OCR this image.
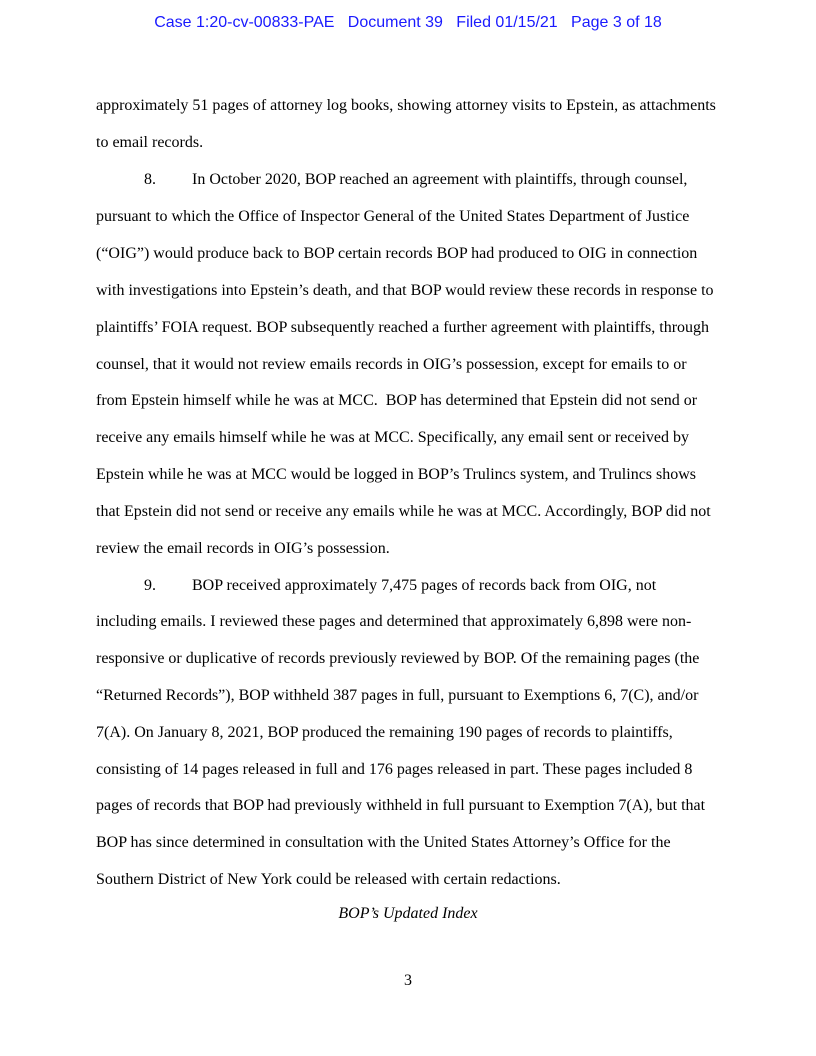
Case 1:20-cv-00833-PAE Document 39 Filed 01/15/21 Page 3 of 18
approximately 51 pages of attorney log books, showing attorney visits to Epstein, as attachments
to email records.
8. In October 2020, BOP reached an agreement with plaintiffs, through counsel,
pursuant to which the Office of Inspector General of the United States Department of Justice
(“OIG”) would produce back to BOP certain records BOP had produced to OIG in connection
with investigations into Epstein’s death, and that BOP would review these records in response to
plaintiffs’ FOIA request. BOP subsequently reached a further agreement with plaintiffs, through
counsel, that it would not review emails records in OIG’s possession, except for emails to or
from Epstein himself while he was at MCC.  BOP has determined that Epstein did not send or
receive any emails himself while he was at MCC. Specifically, any email sent or received by
Epstein while he was at MCC would be logged in BOP’s Trulincs system, and Trulincs shows
that Epstein did not send or receive any emails while he was at MCC. Accordingly, BOP did not
review the email records in OIG’s possession.
9. BOP received approximately 7,475 pages of records back from OIG, not
including emails. I reviewed these pages and determined that approximately 6,898 were non-
responsive or duplicative of records previously reviewed by BOP. Of the remaining pages (the
“Returned Records”), BOP withheld 387 pages in full, pursuant to Exemptions 6, 7(C), and/or
7(A). On January 8, 2021, BOP produced the remaining 190 pages of records to plaintiffs,
consisting of 14 pages released in full and 176 pages released in part. These pages included 8
pages of records that BOP had previously withheld in full pursuant to Exemption 7(A), but that
BOP has since determined in consultation with the United States Attorney’s Office for the
Southern District of New York could be released with certain redactions.
BOP’s Updated Index
3
